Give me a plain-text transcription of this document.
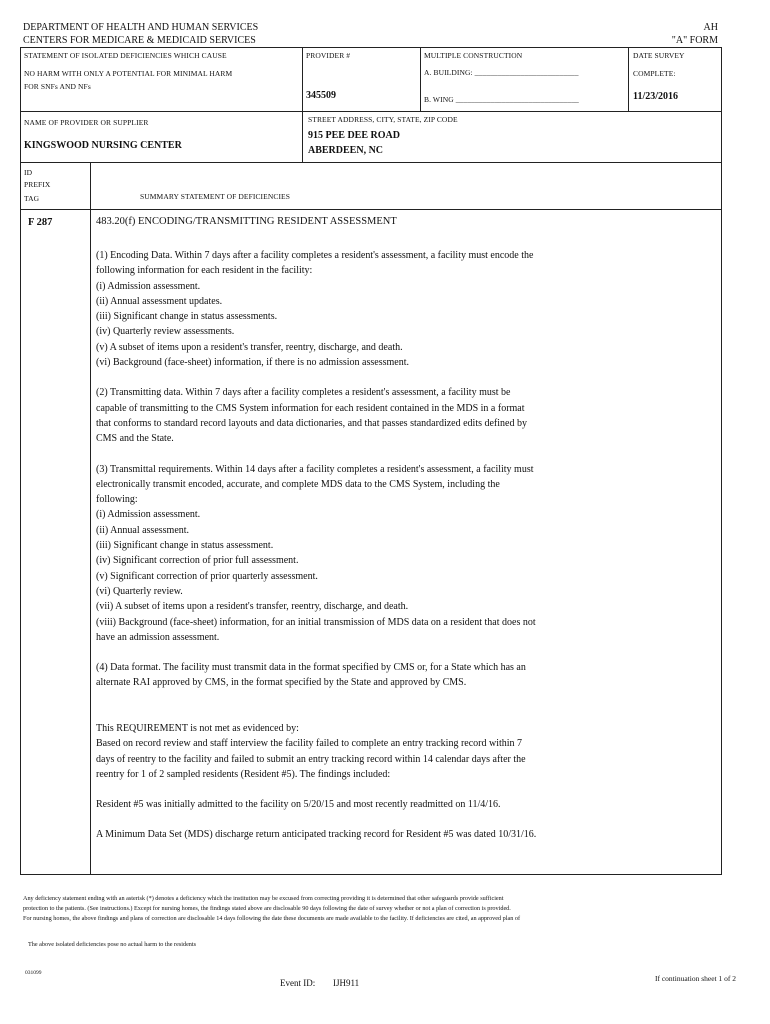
DEPARTMENT OF HEALTH AND HUMAN SERVICES
CENTERS FOR MEDICARE & MEDICAID SERVICES
AH
"A" FORM
STATEMENT OF ISOLATED DEFICIENCIES WHICH CAUSE
NO HARM WITH ONLY A POTENTIAL FOR MINIMAL HARM
FOR SNFs AND NFs
PROVIDER #
345509
MULTIPLE CONSTRUCTION
A. BUILDING: ___________________________
B. WING ________________________________
DATE SURVEY
COMPLETE:
11/23/2016
NAME OF PROVIDER OR SUPPLIER
KINGSWOOD NURSING CENTER
STREET ADDRESS, CITY, STATE, ZIP CODE
915 PEE DEE ROAD
ABERDEEN, NC
ID
PREFIX
TAG	SUMMARY STATEMENT OF DEFICIENCIES
F 287	483.20(f) ENCODING/TRANSMITTING RESIDENT ASSESSMENT
(1) Encoding Data. Within 7 days after a facility completes a resident's assessment, a facility must encode the
following information for each resident in the facility:
(i) Admission assessment.
(ii) Annual assessment updates.
(iii) Significant change in status assessments.
(iv) Quarterly review assessments.
(v) A subset of items upon a resident's transfer, reentry, discharge, and death.
(vi) Background (face-sheet) information, if there is no admission assessment.
(2) Transmitting data. Within 7 days after a facility completes a resident's assessment, a facility must be
capable of transmitting to the CMS System information for each resident contained in the MDS in a format
that conforms to standard record layouts and data dictionaries, and that passes standardized edits defined by
CMS and the State.
(3) Transmittal requirements. Within 14 days after a facility completes a resident's assessment, a facility must
electronically transmit encoded, accurate, and complete MDS data to the CMS System, including the
following:
(i) Admission assessment.
(ii) Annual assessment.
(iii) Significant change in status assessment.
(iv) Significant correction of prior full assessment.
(v) Significant correction of prior quarterly assessment.
(vi) Quarterly review.
(vii) A subset of items upon a resident's transfer, reentry, discharge, and death.
(viii) Background (face-sheet) information, for an initial transmission of MDS data on a resident that does not
have an admission assessment.
(4) Data format. The facility must transmit data in the format specified by CMS or, for a State which has an
alternate RAI approved by CMS, in the format specified by the State and approved by CMS.
This REQUIREMENT is not met as evidenced by:
Based on record review and staff interview the facility failed to complete an entry tracking record within 7
days of reentry to the facility and failed to submit an entry tracking record within 14 calendar days after the
reentry for 1 of 2 sampled residents (Resident #5). The findings included:
Resident #5 was initially admitted to the facility on 5/20/15 and most recently readmitted on 11/4/16.
A Minimum Data Set (MDS) discharge return anticipated tracking record for Resident #5 was dated 10/31/16.
Any deficiency statement ending with an asterisk (*) denotes a deficiency which the institution may be excused from correcting providing it is determined that other safeguards provide sufficient
protection to the patients. (See instructions.) Except for nursing homes, the findings stated above are disclosable 90 days following the date of survey whether or not a plan of correction is provided.
For nursing homes, the above findings and plans of correction are disclosable 14 days following the date these documents are made available to the facility. If deficiencies are cited, an approved plan of
The above isolated deficiencies pose no actual harm to the residents
031099
Event ID: IJH911	If continuation sheet 1 of 2
